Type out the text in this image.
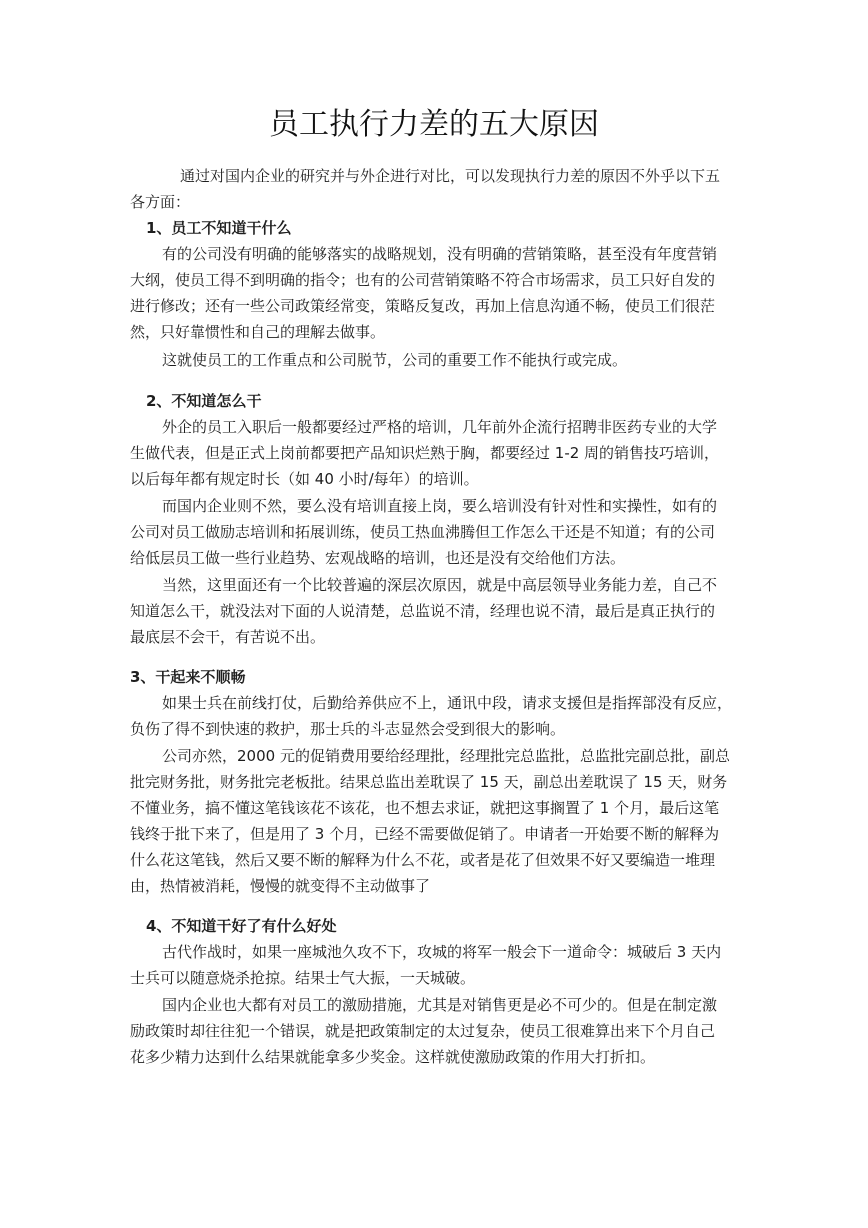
员工执行力差的五大原因
通过对国内企业的研究并与外企进行对比，可以发现执行力差的原因不外乎以下五
各方面：
1、员工不知道干什么
有的公司没有明确的能够落实的战略规划，没有明确的营销策略，甚至没有年度营销
大纲，使员工得不到明确的指令；也有的公司营销策略不符合市场需求，员工只好自发的
进行修改；还有一些公司政策经常变，策略反复改，再加上信息沟通不畅，使员工们很茫
然，只好靠惯性和自己的理解去做事。
这就使员工的工作重点和公司脱节，公司的重要工作不能执行或完成。
2、不知道怎么干
外企的员工入职后一般都要经过严格的培训，几年前外企流行招聘非医药专业的大学
生做代表，但是正式上岗前都要把产品知识烂熟于胸，都要经过 1-2 周的销售技巧培训，
以后每年都有规定时长（如 40 小时/每年）的培训。
而国内企业则不然，要么没有培训直接上岗，要么培训没有针对性和实操性，如有的
公司对员工做励志培训和拓展训练，使员工热血沸腾但工作怎么干还是不知道；有的公司
给低层员工做一些行业趋势、宏观战略的培训，也还是没有交给他们方法。
当然，这里面还有一个比较普遍的深层次原因，就是中高层领导业务能力差，自己不
知道怎么干，就没法对下面的人说清楚，总监说不清，经理也说不清，最后是真正执行的
最底层不会干，有苦说不出。
3、干起来不顺畅
如果士兵在前线打仗，后勤给养供应不上，通讯中段，请求支援但是指挥部没有反应，
负伤了得不到快速的救护，那士兵的斗志显然会受到很大的影响。
公司亦然，2000 元的促销费用要给经理批，经理批完总监批，总监批完副总批，副总
批完财务批，财务批完老板批。结果总监出差耽误了 15 天，副总出差耽误了 15 天，财务
不懂业务，搞不懂这笔钱该花不该花，也不想去求证，就把这事搁置了 1 个月，最后这笔
钱终于批下来了，但是用了 3 个月，已经不需要做促销了。申请者一开始要不断的解释为
什么花这笔钱，然后又要不断的解释为什么不花，或者是花了但效果不好又要编造一堆理
由，热情被消耗，慢慢的就变得不主动做事了
4、不知道干好了有什么好处
古代作战时，如果一座城池久攻不下，攻城的将军一般会下一道命令：城破后 3 天内
士兵可以随意烧杀抢掠。结果士气大振，一天城破。
国内企业也大都有对员工的激励措施，尤其是对销售更是必不可少的。但是在制定激
励政策时却往往犯一个错误，就是把政策制定的太过复杂，使员工很难算出来下个月自己
花多少精力达到什么结果就能拿多少奖金。这样就使激励政策的作用大打折扣。
